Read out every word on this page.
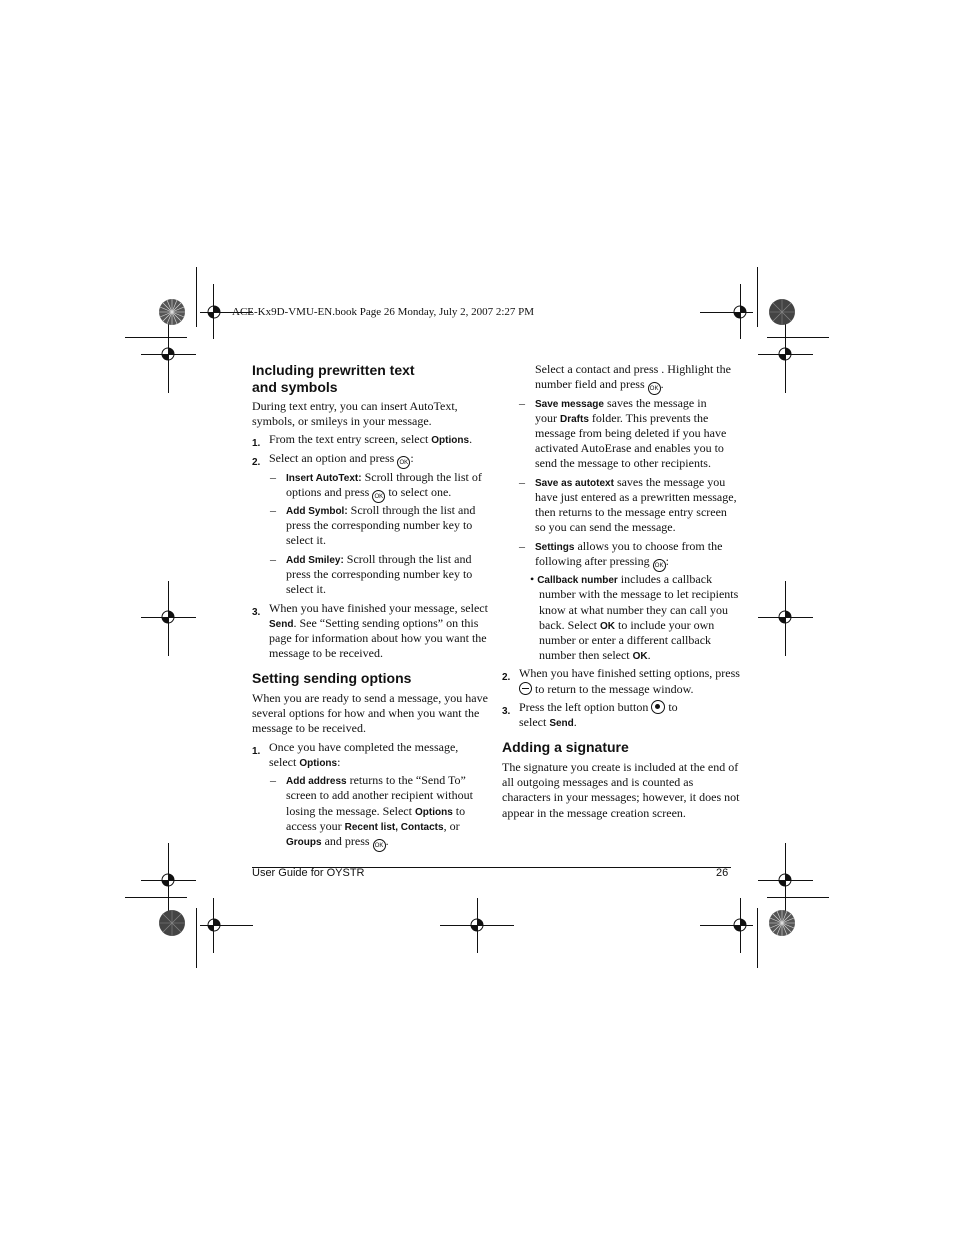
ACE-Kx9D-VMU-EN.book Page 26 Monday, July 2, 2007 2:27 PM
Including prewritten text
and symbols
During text entry, you can insert AutoText,
symbols, or smileys in your message.
1. From the text entry screen, select Options.
2. Select an option and press OK :
– Insert AutoText: Scroll through the list of
options and press OK to select one.
– Add Symbol: Scroll through the list and
press the corresponding number key to
select it.
– Add Smiley: Scroll through the list and
press the corresponding number key to
select it.
3. When you have finished your message, select
Send. See “Setting sending options” on this
page for information about how you want the
message to be received.
Setting sending options
When you are ready to send a message, you have
several options for how and when you want the
message to be received.
1. Once you have completed the message,
select Options:
– Add address returns to the “Send To”
screen to add another recipient without
losing the message. Select Options to
access your Recent list, Contacts, or
Groups and press OK .
Select a contact and press . Highlight the
number field and press OK .
– Save message saves the message in
your Drafts folder. This prevents the
message from being deleted if you have
activated AutoErase and enables you to
send the message to other recipients.
– Save as autotext saves the message you
have just entered as a prewritten message,
then returns to the message entry screen
so you can send the message.
– Settings allows you to choose from the
following after pressing OK :
• Callback number includes a callback
number with the message to let recipients
know at what number they can call you
back. Select OK to include your own
number or enter a different callback
number then select OK.
2. When you have finished setting options, press
to return to the message window.
3. Press the left option button  to
select Send.
Adding a signature
The signature you create is included at the end of
all outgoing messages and is counted as
characters in your messages; however, it does not
appear in the message creation screen.
User Guide for OYSTR	26
